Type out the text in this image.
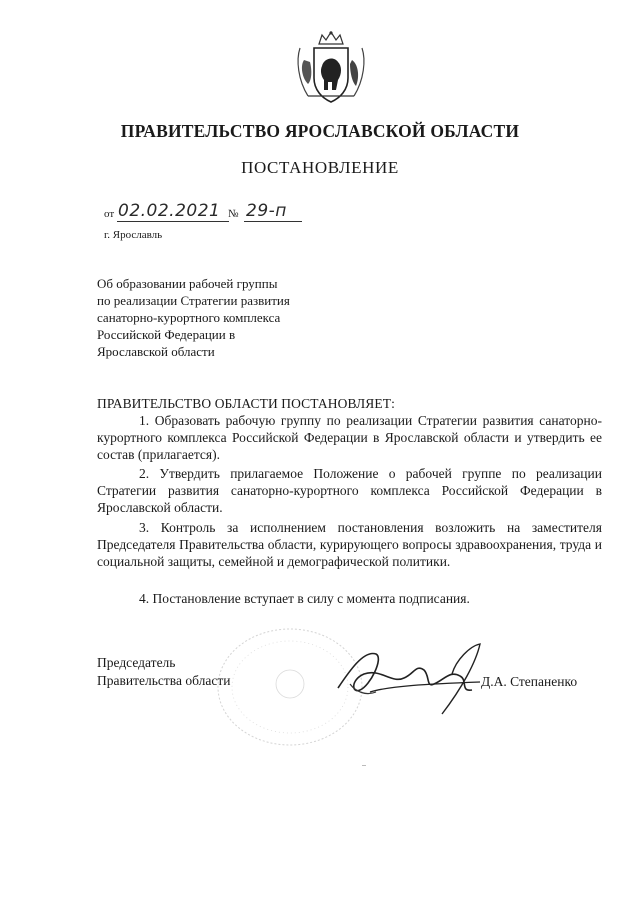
ПРАВИТЕЛЬСТВО ЯРОСЛАВСКОЙ ОБЛАСТИ
ПОСТАНОВЛЕНИЕ
от 02.02.2021 № 29-п
г. Ярославль
Об образовании рабочей группы
по реализации Стратегии развития
санаторно-курортного комплекса
Российской Федерации в
Ярославской области
ПРАВИТЕЛЬСТВО ОБЛАСТИ ПОСТАНОВЛЯЕТ:
1. Образовать рабочую группу по реализации Стратегии развития санаторно-курортного комплекса Российской Федерации в Ярославской области и утвердить ее состав (прилагается).
2. Утвердить прилагаемое Положение о рабочей группе по реализации Стратегии развития санаторно-курортного комплекса Российской Федерации в Ярославской области.
3. Контроль за исполнением постановления возложить на заместителя Председателя Правительства области, курирующего вопросы здравоохранения, труда и социальной защиты, семейной и демографической политики.
4. Постановление вступает в силу с момента подписания.
Председатель
Правительства области	Д.А. Степаненко
